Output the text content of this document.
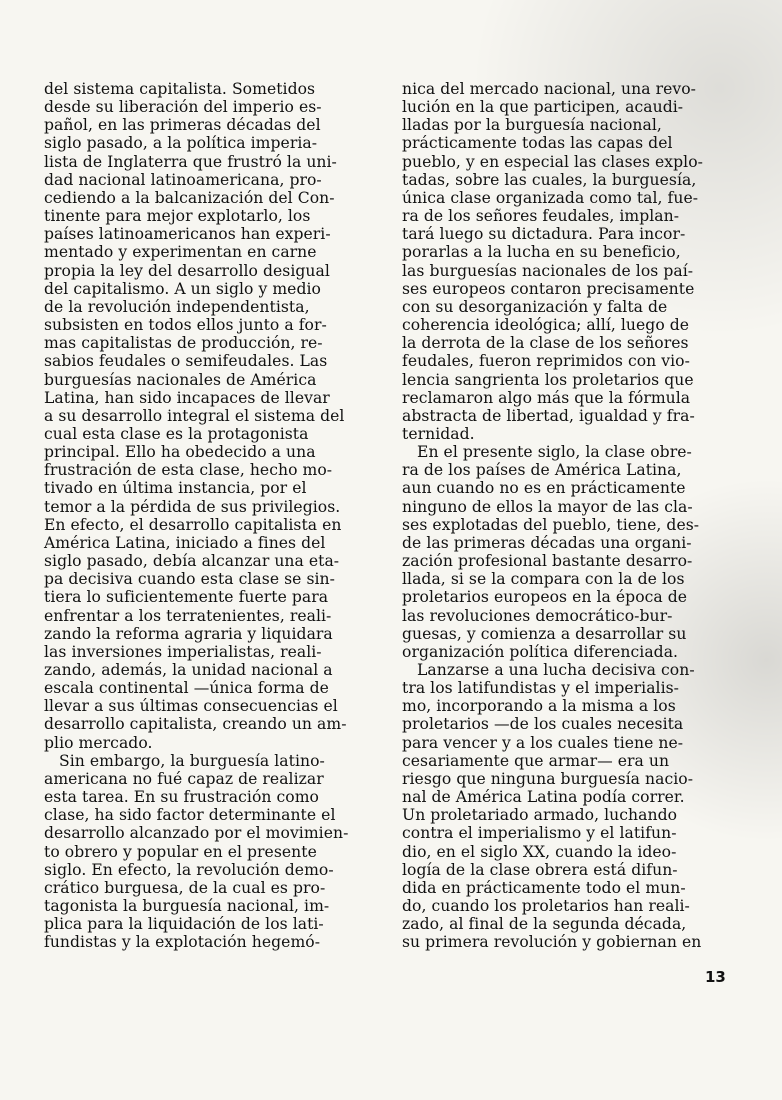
del sistema capitalista. Sometidos
desde su liberación del imperio es-
pañol, en las primeras décadas del
siglo pasado, a la política imperia-
lista de Inglaterra que frustró la uni-
dad nacional latinoamericana, pro-
cediendo a la balcanización del Con-
tinente para mejor explotarlo, los
países latinoamericanos han experi-
mentado y experimentan en carne
propia la ley del desarrollo desigual
del capitalismo. A un siglo y medio
de la revolución independentista,
subsisten en todos ellos junto a for-
mas capitalistas de producción, re-
sabios feudales o semifeudales. Las
burguesías nacionales de América
Latina, han sido incapaces de llevar
a su desarrollo integral el sistema del
cual esta clase es la protagonista
principal. Ello ha obedecido a una
frustración de esta clase, hecho mo-
tivado en última instancia, por el
temor a la pérdida de sus privilegios.
En efecto, el desarrollo capitalista en
América Latina, iniciado a fines del
siglo pasado, debía alcanzar una eta-
pa decisiva cuando esta clase se sin-
tiera lo suficientemente fuerte para
enfrentar a los terratenientes, reali-
zando la reforma agraria y liquidara
las inversiones imperialistas, reali-
zando, además, la unidad nacional a
escala continental —única forma de
llevar a sus últimas consecuencias el
desarrollo capitalista, creando un am-
plio mercado.
Sin embargo, la burguesía latino-
americana no fué capaz de realizar
esta tarea. En su frustración como
clase, ha sido factor determinante el
desarrollo alcanzado por el movimien-
to obrero y popular en el presente
siglo. En efecto, la revolución demo-
crático burguesa, de la cual es pro-
tagonista la burguesía nacional, im-
plica para la liquidación de los lati-
fundistas y la explotación hegemó-
nica del mercado nacional, una revo-
lución en la que participen, acaudi-
lladas por la burguesía nacional,
prácticamente todas las capas del
pueblo, y en especial las clases explo-
tadas, sobre las cuales, la burguesía,
única clase organizada como tal, fue-
ra de los señores feudales, implan-
tará luego su dictadura. Para incor-
porarlas a la lucha en su beneficio,
las burguesías nacionales de los paí-
ses europeos contaron precisamente
con su desorganización y falta de
coherencia ideológica; allí, luego de
la derrota de la clase de los señores
feudales, fueron reprimidos con vio-
lencia sangrienta los proletarios que
reclamaron algo más que la fórmula
abstracta de libertad, igualdad y fra-
ternidad.
En el presente siglo, la clase obre-
ra de los países de América Latina,
aun cuando no es en prácticamente
ninguno de ellos la mayor de las cla-
ses explotadas del pueblo, tiene, des-
de las primeras décadas una organi-
zación profesional bastante desarro-
llada, si se la compara con la de los
proletarios europeos en la época de
las revoluciones democrático-bur-
guesas, y comienza a desarrollar su
organización política diferenciada.
Lanzarse a una lucha decisiva con-
tra los latifundistas y el imperialis-
mo, incorporando a la misma a los
proletarios —de los cuales necesita
para vencer y a los cuales tiene ne-
cesariamente que armar— era un
riesgo que ninguna burguesía nacio-
nal de América Latina podía correr.
Un proletariado armado, luchando
contra el imperialismo y el latifun-
dio, en el siglo XX, cuando la ideo-
logía de la clase obrera está difun-
dida en prácticamente todo el mun-
do, cuando los proletarios han reali-
zado, al final de la segunda década,
su primera revolución y gobiernan en
13
